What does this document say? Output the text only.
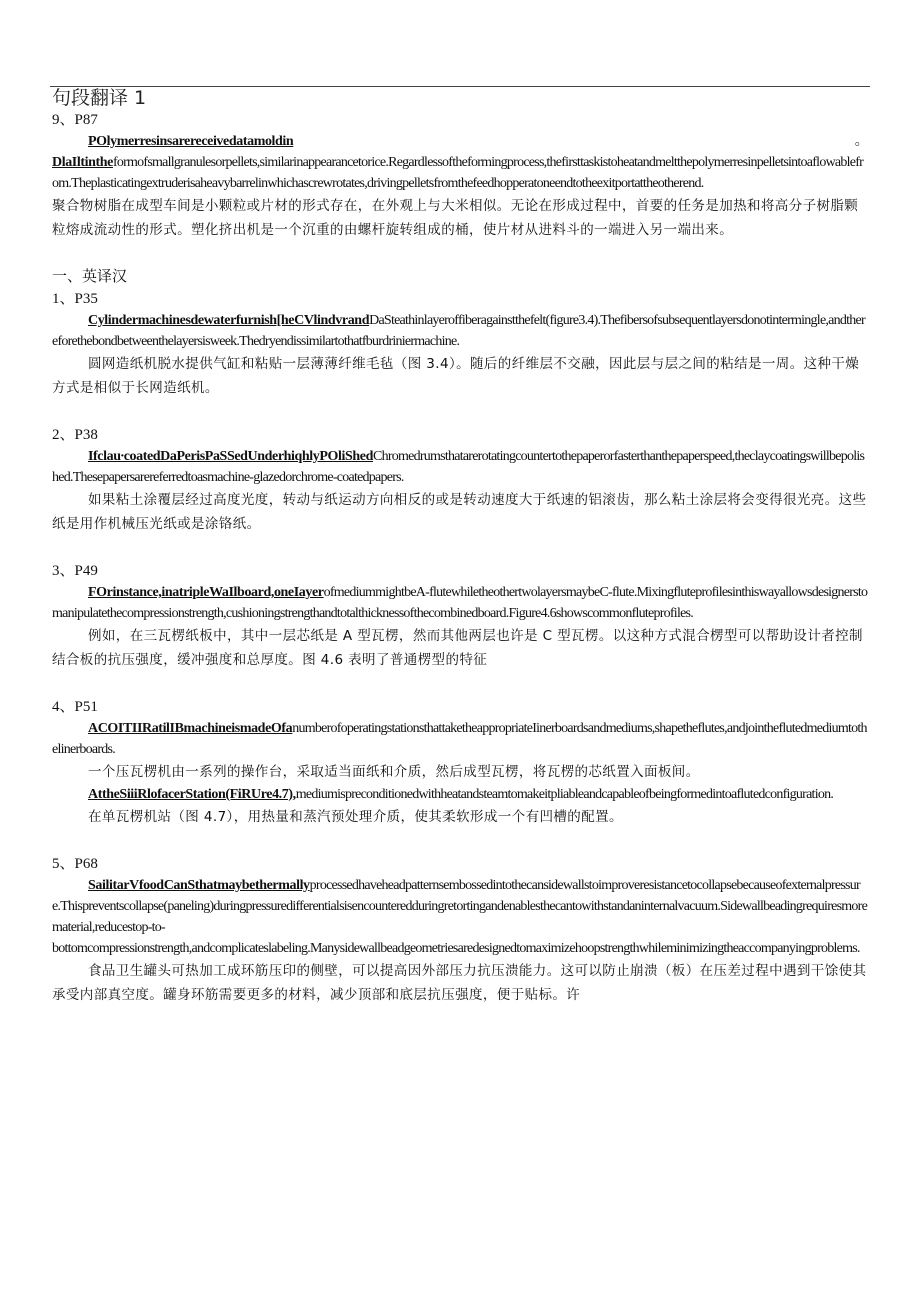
句段翻译 1
9、P87
POlymerresinsarereceivedatamoldin	。
DlaIltintheformofsmallgranulesorpellets,similarinappearancetorice.Regardlessoftheformingprocess,thefirsttaskistoheatandmeltthepolymerresinpelletsintoaflowablefrom.Theplasticatingextruderisaheavybarrelinwhichascrewrotates,drivingpelletsfromthefeedhopperatoneendtotheexitportattheotherend.
聚合物树脂在成型车间是小颗粒或片材的形式存在，在外观上与大米相似。无论在形成过程中，首要的任务是加热和将高分子树脂颗粒熔成流动性的形式。塑化挤出机是一个沉重的由螺杆旋转组成的桶，使片材从进料斗的一端进入另一端出来。
一、英译汉
1、P35
Cylindermachinesdewaterfurnish[heCVlindvrandDaSteathinlayeroffiberagainstthefelt(figure3.4).Thefibersofsubsequentlayersdonotintermingle,andthereforethebondbetweenthelayersisweek.Thedryendissimilartothatfburdriniermachine.
圆网造纸机脱水提供气缸和粘贴一层薄薄纤维毛毡（图 3.4）。随后的纤维层不交融，因此层与层之间的粘结是一周。这种干燥方式是相似于长网造纸机。
2、P38
Ifclau∙coatedDaPerisPaSSedUnderhiqhlyPOliShedChromedrumsthatarerotatingcountertothepaperorfasterthanthepaperspeed,theclaycoatingswillbepolished.Thesepapersarereferredtoasmachine-glazedorchrome-coatedpapers.
如果粘土涂覆层经过高度光度，转动与纸运动方向相反的或是转动速度大于纸速的铝滚齿，那么粘土涂层将会变得很光亮。这些纸是用作机械压光纸或是涂铬纸。
3、P49
FOrinstance,inatripleWaIlboard,oneIayerofmediummightbeA-flutewhiletheothertwolayersmaybeC-flute.Mixingfluteprofilesinthiswayallowsdesignerstomanipulatethecompressionstrength,cushioningstrengthandtotalthicknessofthecombinedboard.Figure4.6showscommonfluteprofiles.
例如，在三瓦楞纸板中，其中一层芯纸是 A 型瓦楞，然而其他两层也许是 C 型瓦楞。以这种方式混合楞型可以帮助设计者控制结合板的抗压强度，缓冲强度和总厚度。图 4.6 表明了普通楞型的特征
4、P51
ACOITIIRatilIBmachineismadeOfanumberofoperatingstationsthattaketheappropriateIinerboardsandmediums,shapetheflutes,andjointheflutedmediumtothelinerboards.
一个压瓦楞机由一系列的操作台，采取适当面纸和介质，然后成型瓦楞，将瓦楞的芯纸置入面板间。
AttheSiiiRlofacerStation(FiRUre4.7),mediumispreconditionedwithheatandsteamtomakeitpliableandcapableofbeingformedintoaflutedconfiguration.
在单瓦楞机站（图 4.7），用热量和蒸汽预处理介质，使其柔软形成一个有凹槽的配置。
5、P68
SailitarVfoodCanSthatmaybethermallyprocessedhaveheadpatternsembossedintothecansidewallstoimproveresistancetocollapsebecauseofexternalpressure.Thispreventscollapse(paneling)duringpressuredifferentialsisencounteredduringretortingandenablesthecantowithstandaninternalvacuum.Sidewallbeadingrequiresmorematerial,reducestop-to-
bottomcompressionstrength,andcomplicateslabeling.Manysidewallbeadgeometriesaredesignedtomaximizehoopstrengthwhileminimizingtheaccompanyingproblems.
食品卫生罐头可热加工成环筋压印的侧壁，可以提高因外部压力抗压溃能力。这可以防止崩溃（板）在压差过程中遇到干馀使其承受内部真空度。罐身环筋需要更多的材料，减少顶部和底层抗压强度，便于贴标。许
